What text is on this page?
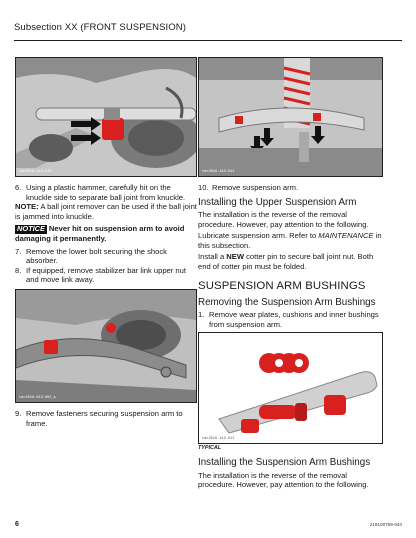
Subsection XX (FRONT SUSPENSION)
tmr2016-143-010
6. Using a plastic hammer, carefully hit on the knuckle side to separate ball joint from knuckle.

NOTE: A ball joint remover can be used if the ball joint is jammed into knuckle.

NOTICE Never hit on suspension arm to avoid damaging it permanently.

7. Remove the lower bolt securing the shock absorber.
8. If equipped, remove stabilizer bar link upper nut and move link away.
tmr2016-013-002_a
9. Remove fasteners securing suspension arm to frame.
tmr2016-143-011
10. Remove suspension arm.
Installing the Upper Suspension Arm

The installation is the reverse of the removal procedure. However, pay attention to the following.

Lubricate suspension arm. Refer to MAINTENANCE in this subsection.

Install a NEW cotter pin to secure ball joint nut. Both end of cotter pin must be folded.

SUSPENSION ARM BUSHINGS
Removing the Suspension Arm Bushings
1. Remove wear plates, cushions and inner bushings from suspension arm.
tmr2016-143-012
TYPICAL
Installing the Suspension Arm Bushings

The installation is the reverse of the removal procedure. However, pay attention to the following.

6	219100759-044
